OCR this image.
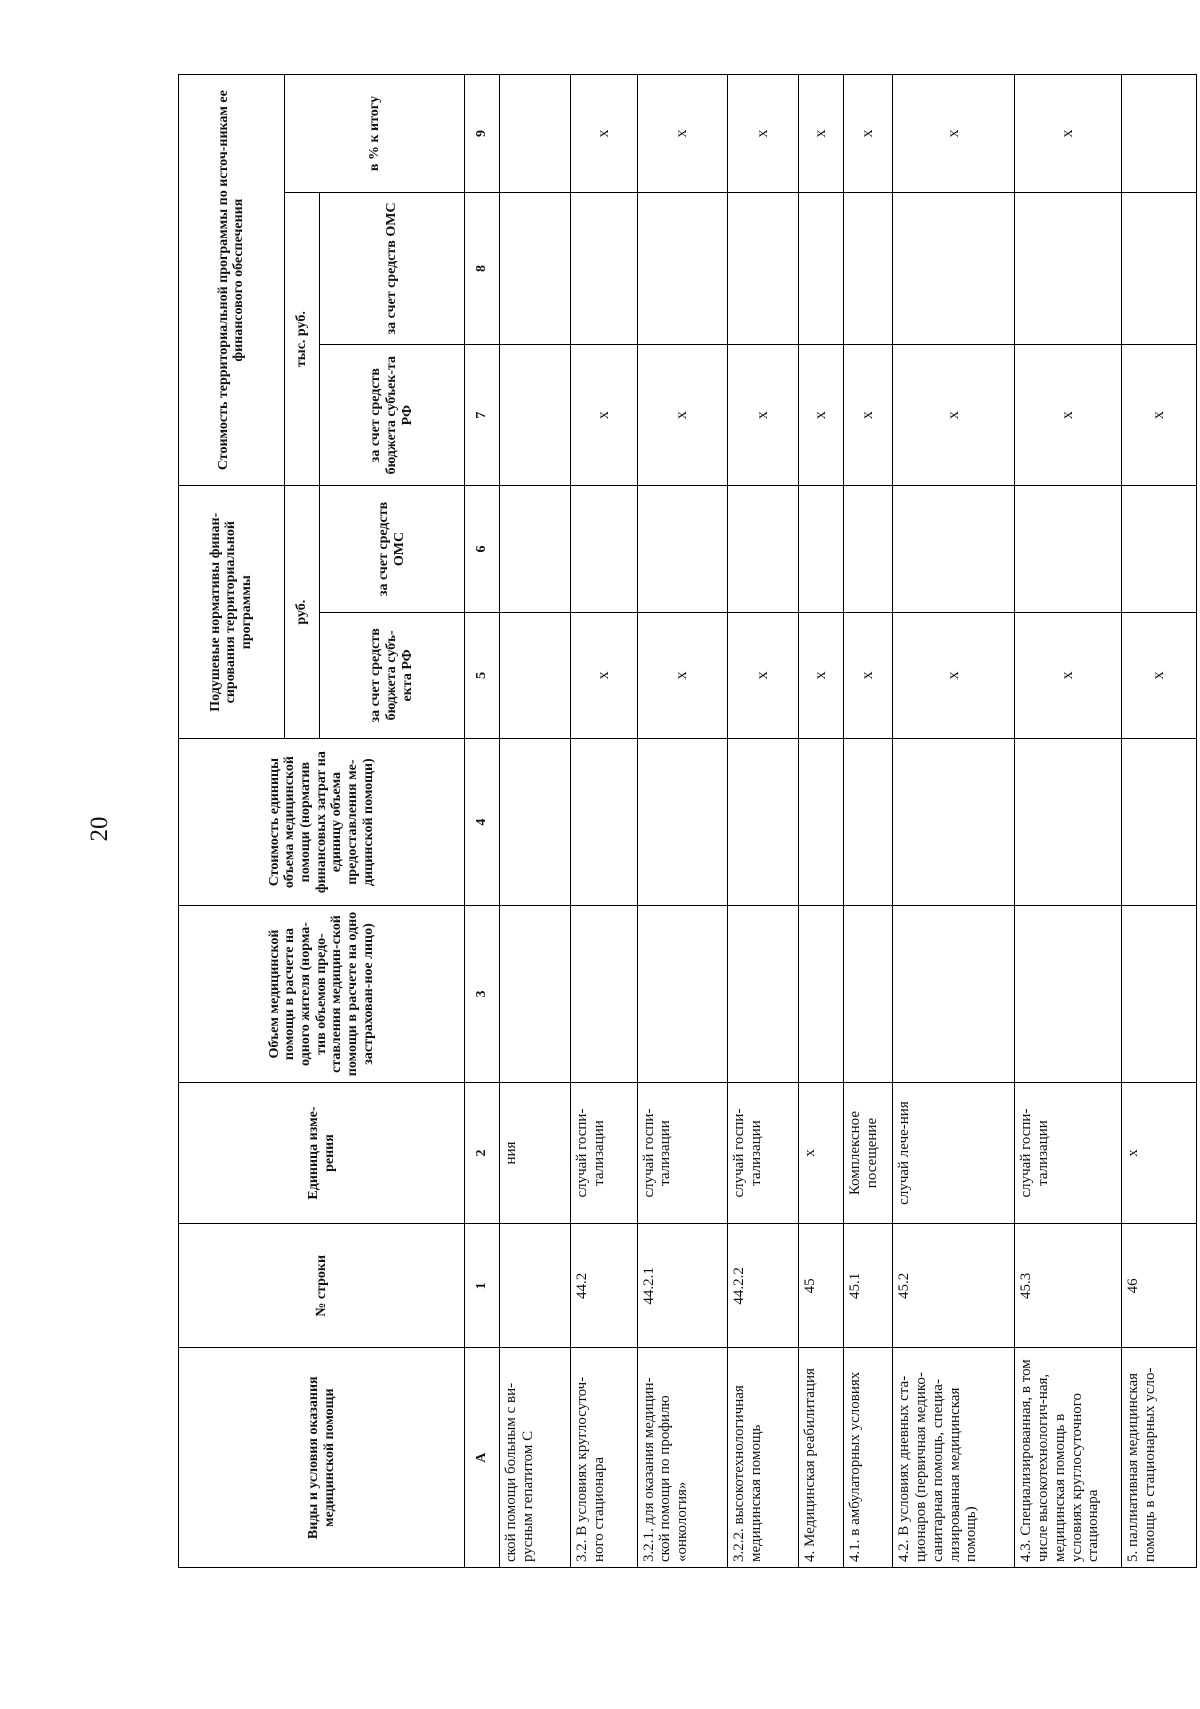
20
Виды и условия оказания медицинской помощи	№ строки	Единица изме-рения	Объем медицинской помощи в расчете на одного жителя (норма-тив объемов предо-ставления медицин-ской помощи в расчете на одно застрахован-ное лицо)	Стоимость единицы объема медицинской помощи (норматив финансовых затрат на единицу объема предоставления ме-дицинской помощи)	Подушевые нормативы финан-сирования территориальной программы		Стоимость территориальной программы по источ-никам ее финансового обеспечения		
					руб.		тыс. руб.		в % к итогу
					за счет средств бюджета субъ-екта РФ	за счет средств ОМС	за счет средств бюджета субъек-та РФ	за счет средств ОМС	
А	1	2	3	4	5	6	7	8	9
ской помощи больным с ви-русным гепатитом С		ния							
3.2. В условиях круглосуточ-ного стационара	44.2	случай госпи-тализации			х		х		х
3.2.1. для оказания медицин-ской помощи по профилю «онкология»	44.2.1	случай госпи-тализации			х		х		х
3.2.2. высокотехнологичная медицинская помощь	44.2.2	случай госпи-тализации			х		х		х
4. Медицинская реабилитация	45	х			х		х		х
4.1. в амбулаторных условиях	45.1	Комплексное посещение			х		х		х
4.2. В условиях дневных ста-ционаров (первичная медико-санитарная помощь, специа-лизированная медицинская помощь)	45.2	случай лече-ния			х		х		х
4.3. Специализированная, в том числе высокотехнологич-ная, медицинская помощь в условиях круглосуточного стационара	45.3	случай госпи-тализации			х		х		х
5. паллиативная медицинская помощь в стационарных усло-	46	х			х		х		
